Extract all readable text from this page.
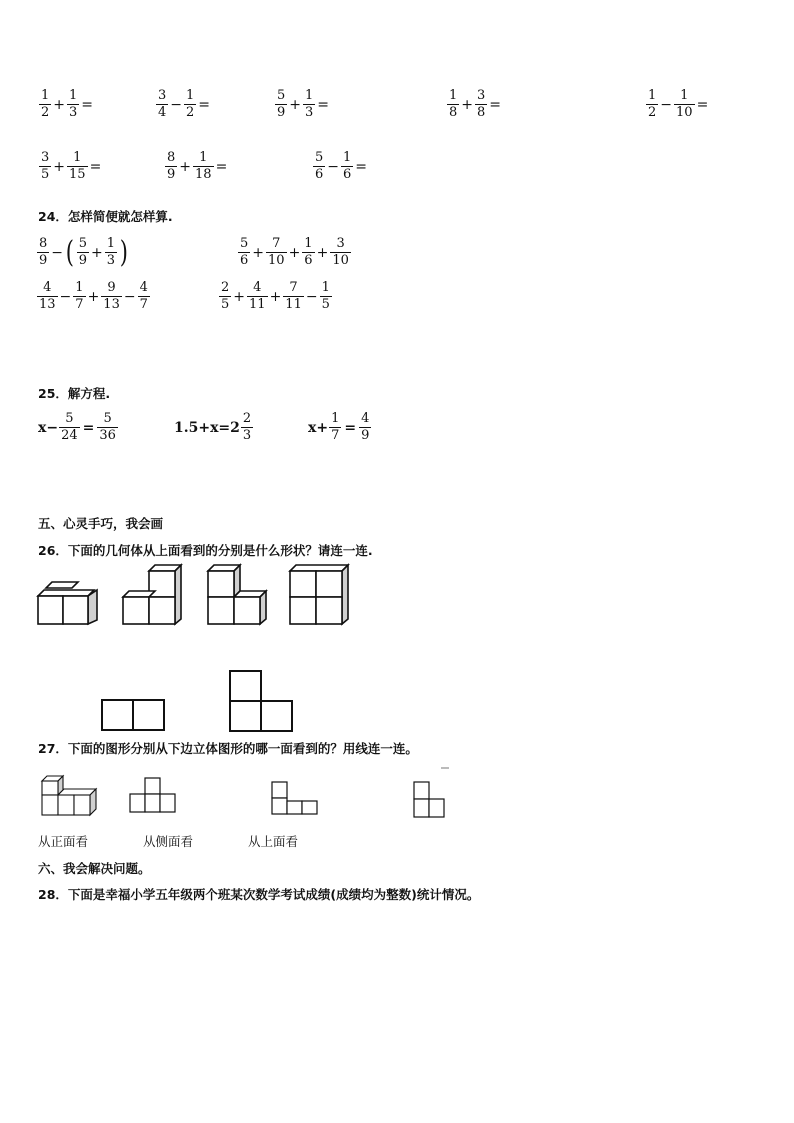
$\frac{1}{2} + \frac{1}{3}$ =	$\frac{3}{4} - \frac{1}{2}$ =	$\frac{5}{9} + \frac{1}{3}$ =	$\frac{1}{8} + \frac{3}{8}$ =	$\frac{1}{2} - \frac{1}{10}$ =
$\frac{3}{5} + \frac{1}{15}$ =	$\frac{8}{9} + \frac{1}{18}$ =	$\frac{5}{6} - \frac{1}{6}$ =
24．怎样简便就怎样算.
$\frac{8}{9}$ − ( $\frac{5}{9} + \frac{1}{3}$ )	$\frac{5}{6} + \frac{7}{10} + \frac{1}{6} + \frac{3}{10}$
$\frac{4}{13} - \frac{1}{7} + \frac{9}{13} - \frac{4}{7}$	$\frac{2}{5} + \frac{4}{11} + \frac{7}{11} - \frac{1}{5}$
25．解方程.
$x- \frac{5}{24} = \frac{5}{36}$	$1.5+x=2 \frac{2}{3}$	$x+ \frac{1}{7} = \frac{4}{9}$
五、心灵手巧，我会画
26．下面的几何体从上面看到的分别是什么形状？请连一连.
27．下面的图形分别从下边立体图形的哪一面看到的？用线连一连。
从正面看	从侧面看	从上面看
六、我会解决问题。
28．下面是幸福小学五年级两个班某次数学考试成绩(成绩均为整数)统计情况。
